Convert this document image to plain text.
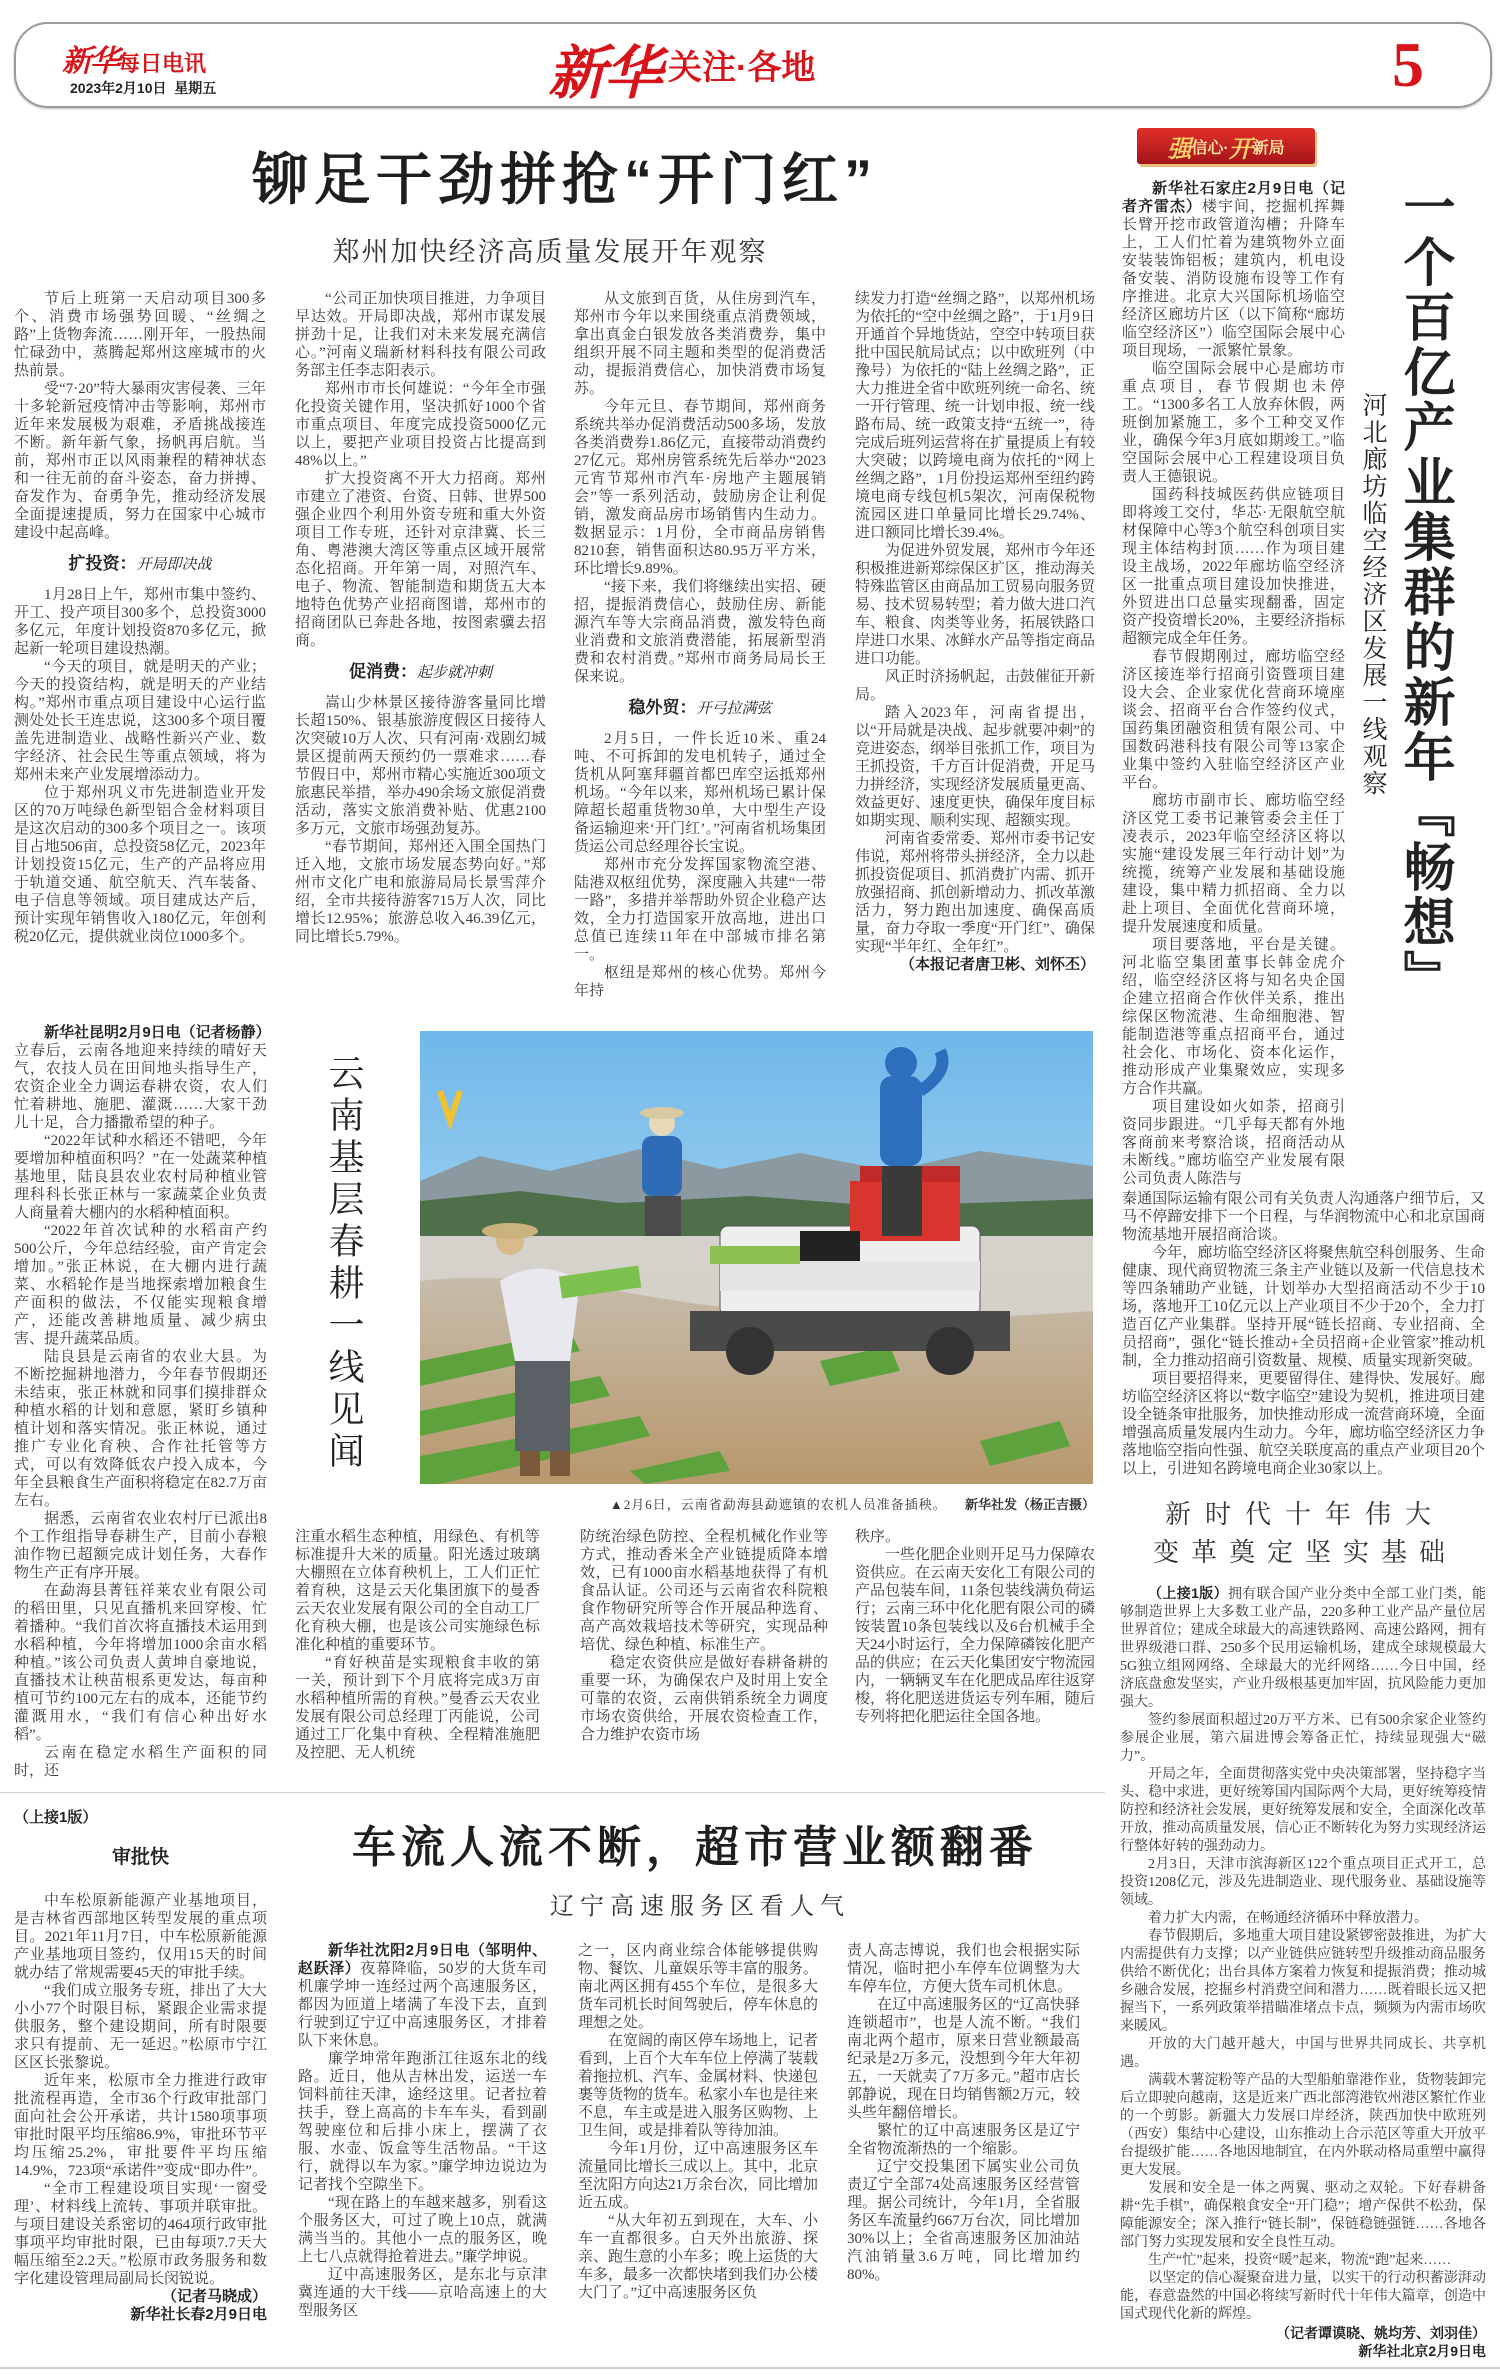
新华每日电讯
2023年2月10日  星期五	新华 关注·各地	5
铆足干劲拼抢“开门红”
郑州加快经济高质量发展开年观察

节后上班第一天启动项目300多个、消费市场强势回暖、“丝绸之路”上货物奔流……刚开年，一股热闹忙碌劲中，蒸腾起郑州这座城市的火热前景。

受“7·20”特大暴雨灾害侵袭、三年十多轮新冠疫情冲击等影响，郑州市近年来发展极为艰难，矛盾挑战接连不断。新年新气象，扬帆再启航。当前，郑州市正以风雨兼程的精神状态和一往无前的奋斗姿态，奋力拼搏、奋发作为、奋勇争先，推动经济发展全面提速提质，努力在国家中心城市建设中起高峰。

扩投资：开局即决战

1月28日上午，郑州市集中签约、开工、投产项目300多个，总投资3000多亿元，年度计划投资870多亿元，掀起新一轮项目建设热潮。

“今天的项目，就是明天的产业；今天的投资结构，就是明天的产业结构。”郑州市重点项目建设中心运行监测处处长王连忠说，这300多个项目覆盖先进制造业、战略性新兴产业、数字经济、社会民生等重点领域，将为郑州未来产业发展增添动力。

位于郑州巩义市先进制造业开发区的70万吨绿色新型铝合金材料项目是这次启动的300多个项目之一。该项目占地506亩，总投资58亿元，2023年计划投资15亿元，生产的产品将应用于轨道交通、航空航天、汽车装备、电子信息等领域。项目建成达产后，预计实现年销售收入180亿元，年创利税20亿元，提供就业岗位1000多个。

“公司正加快项目推进，力争项目早达效。开局即决战，郑州市谋发展拼劲十足，让我们对未来发展充满信心。”河南义瑞新材料科技有限公司政务部主任李志阳表示。

郑州市市长何雄说：“今年全市强化投资关键作用，坚决抓好1000个省市重点项目、年度完成投资5000亿元以上，要把产业项目投资占比提高到48%以上。”

扩大投资离不开大力招商。郑州市建立了港资、台资、日韩、世界500强企业四个利用外资专班和重大外资项目工作专班，还针对京津冀、长三角、粤港澳大湾区等重点区域开展常态化招商。开年第一周，对照汽车、电子、物流、智能制造和期货五大本地特色优势产业招商图谱，郑州市的招商团队已奔赴各地，按图索骥去招商。

促消费：起步就冲刺

嵩山少林景区接待游客量同比增长超150%、银基旅游度假区日接待人次突破10万人次、只有河南·戏剧幻城景区提前两天预约仍一票难求……春节假日中，郑州市精心实施近300项文旅惠民举措，举办490余场文旅促消费活动，落实文旅消费补贴、优惠2100多万元，文旅市场强劲复苏。

“春节期间，郑州还入围全国热门迁入地，文旅市场发展态势向好。”郑州市文化广电和旅游局局长景雪萍介绍，全市共接待游客715万人次，同比增长12.95%；旅游总收入46.39亿元，同比增长5.79%。

从文旅到百货，从住房到汽车，郑州市今年以来围绕重点消费领域，拿出真金白银发放各类消费券，集中组织开展不同主题和类型的促消费活动，提振消费信心，加快消费市场复苏。

今年元旦、春节期间，郑州商务系统共举办促消费活动500多场，发放各类消费券1.86亿元，直接带动消费约27亿元。郑州房管系统先后举办“2023元宵节郑州市汽车·房地产主题展销会”等一系列活动，鼓励房企让利促销，激发商品房市场销售内生动力。数据显示：1月份，全市商品房销售8210套，销售面积达80.95万平方米，环比增长9.89%。

“接下来，我们将继续出实招、硬招，提振消费信心，鼓励住房、新能源汽车等大宗商品消费，激发特色商业消费和文旅消费潜能，拓展新型消费和农村消费。”郑州市商务局局长王保来说。

稳外贸：开弓拉满弦

2月5日，一件长近10米、重24吨、不可拆卸的发电机转子，通过全货机从阿塞拜疆首都巴库空运抵郑州机场。“今年以来，郑州机场已累计保障超长超重货物30单，大中型生产设备运输迎来‘开门红’。”河南省机场集团货运公司总经理谷长宝说。

郑州市充分发挥国家物流空港、陆港双枢纽优势，深度融入共建“一带一路”，多措并举帮助外贸企业稳产达效，全力打造国家开放高地，进出口总值已连续11年在中部城市排名第一。

枢纽是郑州的核心优势。郑州今年持

续发力打造“丝绸之路”，以郑州机场为依托的“空中丝绸之路”，于1月9日开通首个异地货站，空空中转项目获批中国民航局试点；以中欧班列（中豫号）为依托的“陆上丝绸之路”，正大力推进全省中欧班列统一命名、统一开行管理、统一计划申报、统一线路布局、统一政策支持“五统一”，待完成后班列运营将在扩量提质上有较大突破；以跨境电商为依托的“网上丝绸之路”，1月份投运郑州至纽约跨境电商专线包机5架次，河南保税物流园区进口单量同比增长29.74%、进口额同比增长39.4%。

为促进外贸发展，郑州市今年还积极推进新郑综保区扩区，推动海关特殊监管区由商品加工贸易向服务贸易、技术贸易转型；着力做大进口汽车、粮食、肉类等业务，拓展铁路口岸进口水果、冰鲜水产品等指定商品进口功能。

风正时济扬帆起，击鼓催征开新局。

踏入2023年，河南省提出，以“开局就是决战、起步就要冲刺”的竞进姿态，纲举目张抓工作，项目为王抓投资，千方百计促消费，开足马力拼经济，实现经济发展质量更高、效益更好、速度更快，确保年度目标如期实现、顺利实现、超额实现。

河南省委常委、郑州市委书记安伟说，郑州将带头拼经济，全力以赴抓投资促项目、抓消费扩内需、抓开放强招商、抓创新增动力、抓改革激活力，努力跑出加速度、确保高质量，奋力夺取一季度“开门红”、确保实现“半年红、全年红”。

（本报记者唐卫彬、刘怀丕）

强 信心· 开 新局
一个百亿产业集群的新年『畅想』
河北廊坊临空经济区发展一线观察

新华社石家庄2月9日电（记者齐雷杰）楼宇间，挖掘机挥舞长臂开挖市政管道沟槽；升降车上，工人们忙着为建筑物外立面安装装饰铝板；建筑内，机电设备安装、消防设施布设等工作有序推进。北京大兴国际机场临空经济区廊坊片区（以下简称“廊坊临空经济区”）临空国际会展中心项目现场，一派繁忙景象。

临空国际会展中心是廊坊市重点项目，春节假期也未停工。“1300多名工人放弃休假，两班倒加紧施工，多个工种交叉作业，确保今年3月底如期竣工。”临空国际会展中心工程建设项目负责人王德银说。

国药科技城医药供应链项目即将竣工交付，华芯·无限航空航材保障中心等3个航空科创项目实现主体结构封顶……作为项目建设主战场，2022年廊坊临空经济区一批重点项目建设加快推进，外贸进出口总量实现翻番，固定资产投资增长20%，主要经济指标超额完成全年任务。

春节假期刚过，廊坊临空经济区接连举行招商引资暨项目建设大会、企业家优化营商环境座谈会、招商平台合作签约仪式，国药集团融资租赁有限公司、中国数码港科技有限公司等13家企业集中签约入驻临空经济区产业平台。

廊坊市副市长、廊坊临空经济区党工委书记兼管委会主任丁凌表示，2023年临空经济区将以实施“建设发展三年行动计划”为统揽，统筹产业发展和基础设施建设，集中精力抓招商、全力以赴上项目、全面优化营商环境，提升发展速度和质量。

项目要落地，平台是关键。河北临空集团董事长韩金虎介绍，临空经济区将与知名央企国企建立招商合作伙伴关系，推出综保区物流港、生命细胞港、智能制造港等重点招商平台，通过社会化、市场化、资本化运作，推动形成产业集聚效应，实现多方合作共赢。

项目建设如火如荼，招商引资同步跟进。“几乎每天都有外地客商前来考察洽谈，招商活动从未断线。”廊坊临空产业发展有限公司负责人陈浩与

秦通国际运输有限公司有关负责人沟通落户细节后，又马不停蹄安排下一个日程，与华润物流中心和北京国商物流基地开展招商洽谈。

今年，廊坊临空经济区将聚焦航空科创服务、生命健康、现代商贸物流三条主产业链以及新一代信息技术等四条辅助产业链，计划举办大型招商活动不少于10场，落地开工10亿元以上产业项目不少于20个，全力打造百亿产业集群。坚持开展“链长招商、专业招商、全员招商”，强化“链长推动+全员招商+企业管家”推动机制，全力推动招商引资数量、规模、质量实现新突破。

项目要招得来，更要留得住、建得快、发展好。廊坊临空经济区将以“数字临空”建设为契机，推进项目建设全链条审批服务，加快推动形成一流营商环境，全面增强高质量发展内生动力。今年，廊坊临空经济区力争落地临空指向性强、航空关联度高的重点产业项目20个以上，引进知名跨境电商企业30家以上。

新时代十年伟大
变革奠定坚实基础

（上接1版）拥有联合国产业分类中全部工业门类，能够制造世界上大多数工业产品，220多种工业产品产量位居世界首位；建成全球最大的高速铁路网、高速公路网，拥有世界级港口群、250多个民用运输机场，建成全球规模最大5G独立组网网络、全球最大的光纤网络……今日中国，经济底盘愈发坚实，产业升级根基更加牢固，抗风险能力更加强大。

签约参展面积超过20万平方米、已有500余家企业签约参展企业展，第六届进博会筹备正忙，持续显现强大“磁力”。

开局之年，全面贯彻落实党中央决策部署，坚持稳字当头、稳中求进，更好统筹国内国际两个大局，更好统筹疫情防控和经济社会发展，更好统筹发展和安全，全面深化改革开放，推动高质量发展，信心正不断转化为努力实现经济运行整体好转的强劲动力。

2月3日，天津市滨海新区122个重点项目正式开工，总投资1208亿元，涉及先进制造业、现代服务业、基础设施等领域。

着力扩大内需，在畅通经济循环中释放潜力。

春节假期后，多地重大项目建设紧锣密鼓推进，为扩大内需提供有力支撑；以产业链供应链转型升级推动商品服务供给不断优化；出台具体方案着力恢复和提振消费；推动城乡融合发展，挖掘乡村消费空间和潜力……既着眼长远又把握当下，一系列政策举措瞄准堵点卡点，频频为内需市场吹来暖风。

开放的大门越开越大，中国与世界共同成长、共享机遇。

满载木薯淀粉等产品的大型船舶靠港作业，货物装卸完后立即驶向越南，这是近来广西北部湾港钦州港区繁忙作业的一个剪影。新疆大力发展口岸经济，陕西加快中欧班列（西安）集结中心建设，山东推动上合示范区等重大开放平台提级扩能……各地因地制宜，在内外联动格局重塑中赢得更大发展。

发展和安全是一体之两翼、驱动之双轮。下好春耕备耕“先手棋”，确保粮食安全“开门稳”；增产保供不松劲，保障能源安全；深入推行“链长制”，保链稳链强链……各地各部门努力实现发展和安全良性互动。

生产“忙”起来，投资“暖”起来，物流“跑”起来……

以坚定的信心凝聚奋进力量，以实干的行动积蓄澎湃动能，春意盎然的中国必将续写新时代十年伟大篇章，创造中国式现代化新的辉煌。

（记者谭谟晓、姚均芳、刘羽佳）

新华社北京2月9日电

新华社昆明2月9日电（记者杨静）立春后，云南各地迎来持续的晴好天气，农技人员在田间地头指导生产，农资企业全力调运春耕农资，农人们忙着耕地、施肥、灌溉……大家干劲儿十足，合力播撒希望的种子。

“2022年试种水稻还不错吧，今年要增加种植面积吗？”在一处蔬菜种植基地里，陆良县农业农村局种植业管理科科长张正林与一家蔬菜企业负责人商量着大棚内的水稻种植面积。

“2022年首次试种的水稻亩产约500公斤，今年总结经验，亩产肯定会增加。”张正林说，在大棚内进行蔬菜、水稻轮作是当地探索增加粮食生产面积的做法，不仅能实现粮食增产，还能改善耕地质量、减少病虫害、提升蔬菜品质。

陆良县是云南省的农业大县。为不断挖掘耕地潜力，今年春节假期还未结束，张正林就和同事们摸排群众种植水稻的计划和意愿，紧盯乡镇种植计划和落实情况。张正林说，通过推广专业化育秧、合作社托管等方式，可以有效降低农户投入成本，今年全县粮食生产面积将稳定在82.7万亩左右。

据悉，云南省农业农村厅已派出8个工作组指导春耕生产，目前小春粮油作物已超额完成计划任务，大春作物生产正有序开展。

在勐海县菁钰祥莱农业有限公司的稻田里，只见直播机来回穿梭、忙着播种。“我们首次将直播技术运用到水稻种植，今年将增加1000余亩水稻种植。”该公司负责人黄坤自豪地说，直播技术让秧苗根系更发达，每亩种植可节约100元左右的成本，还能节约灌溉用水，“我们有信心种出好水稻”。

云南在稳定水稻生产面积的同时，还

云南基层春耕一线见闻
▲2月6日，云南省勐海县勐遮镇的农机人员准备插秧。 新华社发（杨正吉摄）

注重水稻生态种植，用绿色、有机等标准提升大米的质量。阳光透过玻璃大棚照在立体育秧机上，工人们正忙着育秧，这是云天化集团旗下的曼香云天农业发展有限公司的全自动工厂化育秧大棚，也是该公司实施绿色标准化种植的重要环节。

“育好秧苗是实现粮食丰收的第一关，预计到下个月底将完成3万亩水稻种植所需的育秧。”曼香云天农业发展有限公司总经理丁丙能说，公司通过工厂化集中育秧、全程精准施肥及控肥、无人机统

防统治绿色防控、全程机械化作业等方式，推动香米全产业链提质降本增效，已有1000亩水稻基地获得了有机食品认证。公司还与云南省农科院粮食作物研究所等合作开展品种选育、高产高效栽培技术等研究，实现品种培优、绿色种植、标准生产。

稳定农资供应是做好春耕备耕的重要一环，为确保农户及时用上安全可靠的农资，云南供销系统全力调度市场农资供给，开展农资检查工作，合力维护农资市场

秩序。

一些化肥企业则开足马力保障农资供应。在云南天安化工有限公司的产品包装车间，11条包装线满负荷运行；云南三环中化化肥有限公司的磷铵装置10条包装线以及6台机械手全天24小时运行，全力保障磷铵化肥产品的供应；在云天化集团安宁物流园内，一辆辆叉车在化肥成品库往返穿梭，将化肥送进货运专列车厢，随后专列将把化肥运往全国各地。

（上接1版）
审批快

中车松原新能源产业基地项目，是吉林省西部地区转型发展的重点项目。2021年11月7日，中车松原新能源产业基地项目签约，仅用15天的时间就办结了常规需要45天的审批手续。

“我们成立服务专班，排出了大大小小77个时限目标，紧跟企业需求提供服务，整个建设期间，所有时限要求只有提前、无一延迟。”松原市宁江区区长张黎说。

近年来，松原市全力推进行政审批流程再造，全市36个行政审批部门面向社会公开承诺，共计1580项事项审批时限平均压缩86.9%，审批环节平均压缩25.2%，审批要件平均压缩14.9%，723项“承诺件”变成“即办件”。

“全市工程建设项目实现‘一窗受理’、材料线上流转、事项并联审批。与项目建设关系密切的464项行政审批事项平均审批时限，已由每项7.7天大幅压缩至2.2天。”松原市政务服务和数字化建设管理局副局长闵锐说。

（记者马晓成）

新华社长春2月9日电

车流人流不断，超市营业额翻番
辽宁高速服务区看人气

新华社沈阳2月9日电（邹明仲、赵跃泽）夜幕降临，50岁的大货车司机廉学坤一连经过两个高速服务区，都因为匝道上堵满了车没下去，直到行驶到辽宁辽中高速服务区，才排着队下来休息。

廉学坤常年跑浙江往返东北的线路。近日，他从吉林出发，运送一车饲料前往天津，途经这里。记者拉着扶手，登上高高的卡车车头，看到副驾驶座位和后排小床上，摆满了衣服、水壶、饭盒等生活物品。“干这行，就得以车为家。”廉学坤边说边为记者找个空隙坐下。

“现在路上的车越来越多，别看这个服务区大，可过了晚上10点，就满满当当的。其他小一点的服务区，晚上七八点就得抢着进去。”廉学坤说。

辽中高速服务区，是东北与京津冀连通的大干线——京哈高速上的大型服务区

之一，区内商业综合体能够提供购物、餐饮、儿童娱乐等丰富的服务。南北两区拥有455个车位，是很多大货车司机长时间驾驶后，停车休息的理想之处。

在宽阔的南区停车场地上，记者看到，上百个大车车位上停满了装载着拖拉机、汽车、金属材料、快递包裹等货物的货车。私家小车也是往来不息，车主或是进入服务区购物、上卫生间，或是排着队等待加油。

今年1月份，辽中高速服务区车流量同比增长三成以上。其中，北京至沈阳方向达21万余台次，同比增加近五成。

“从大年初五到现在，大车、小车一直都很多。白天外出旅游、探亲、跑生意的小车多；晚上运货的大车多，最多一次都快堵到我们办公楼大门了。”辽中高速服务区负

责人高志博说，我们也会根据实际情况，临时把小车停车位调整为大车停车位，方便大货车司机休息。

在辽中高速服务区的“辽高快驿连锁超市”，也是人流不断。“我们南北两个超市，原来日营业额最高纪录是2万多元，没想到今年大年初五，一天就卖了7万多元。”超市店长郭静说，现在日均销售额2万元，较头些年翻倍增长。

繁忙的辽中高速服务区是辽宁全省物流渐热的一个缩影。

辽宁交投集团下属实业公司负责辽宁全部74处高速服务区经营管理。据公司统计，今年1月，全省服务区车流量约667万台次，同比增加30%以上；全省高速服务区加油站汽油销量3.6万吨，同比增加约80%。
